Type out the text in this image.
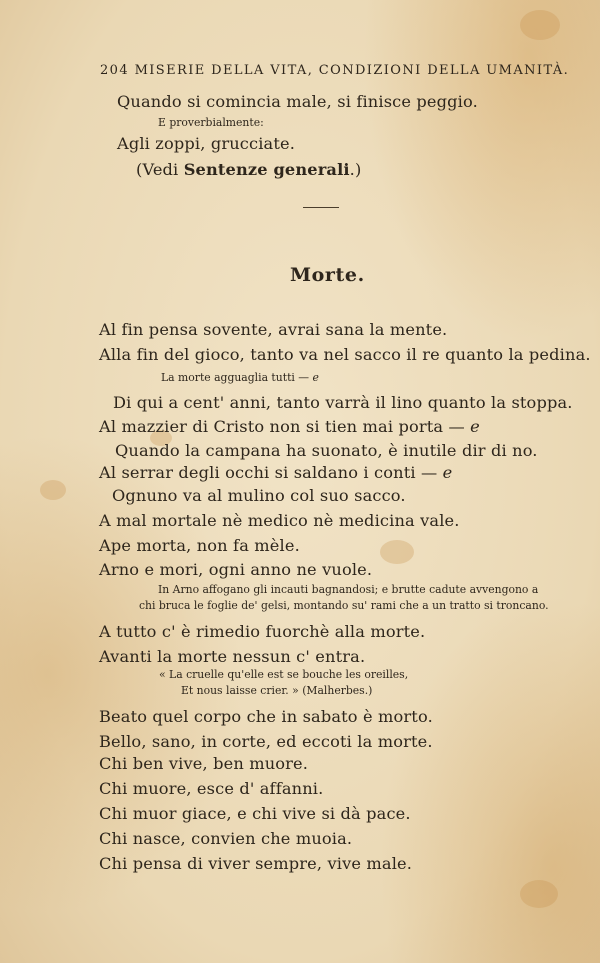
204 MISERIE DELLA VITA, CONDIZIONI DELLA UMANITÀ.
Quando si comincia male, si finisce peggio.
E proverbialmente:
Agli zoppi, grucciate.
(Vedi Sentenze generali.)
Morte.
Al fin pensa sovente, avrai sana la mente.
Alla fin del gioco, tanto va nel sacco il re quanto la pedina.
La morte agguaglia tutti — e
Di qui a cent' anni, tanto varrà il lino quanto la stoppa.
Al mazzier di Cristo non si tien mai porta — e
Quando la campana ha suonato, è inutile dir di no.
Al serrar degli occhi si saldano i conti — e
Ognuno va al mulino col suo sacco.
A mal mortale nè medico nè medicina vale.
Ape morta, non fa mèle.
Arno e mori, ogni anno ne vuole.
In Arno affogano gli incauti bagnandosi; e brutte cadute avvengono a
chi bruca le foglie de' gelsi, montando su' rami che a un tratto si troncano.
A tutto c' è rimedio fuorchè alla morte.
Avanti la morte nessun c' entra.
« La cruelle qu'elle est se bouche les oreilles,
Et nous laisse crier. » (Malherbes.)
Beato quel corpo che in sabato è morto.
Bello, sano, in corte, ed eccoti la morte.
Chi ben vive, ben muore.
Chi muore, esce d' affanni.
Chi muor giace, e chi vive si dà pace.
Chi nasce, convien che muoia.
Chi pensa di viver sempre, vive male.
